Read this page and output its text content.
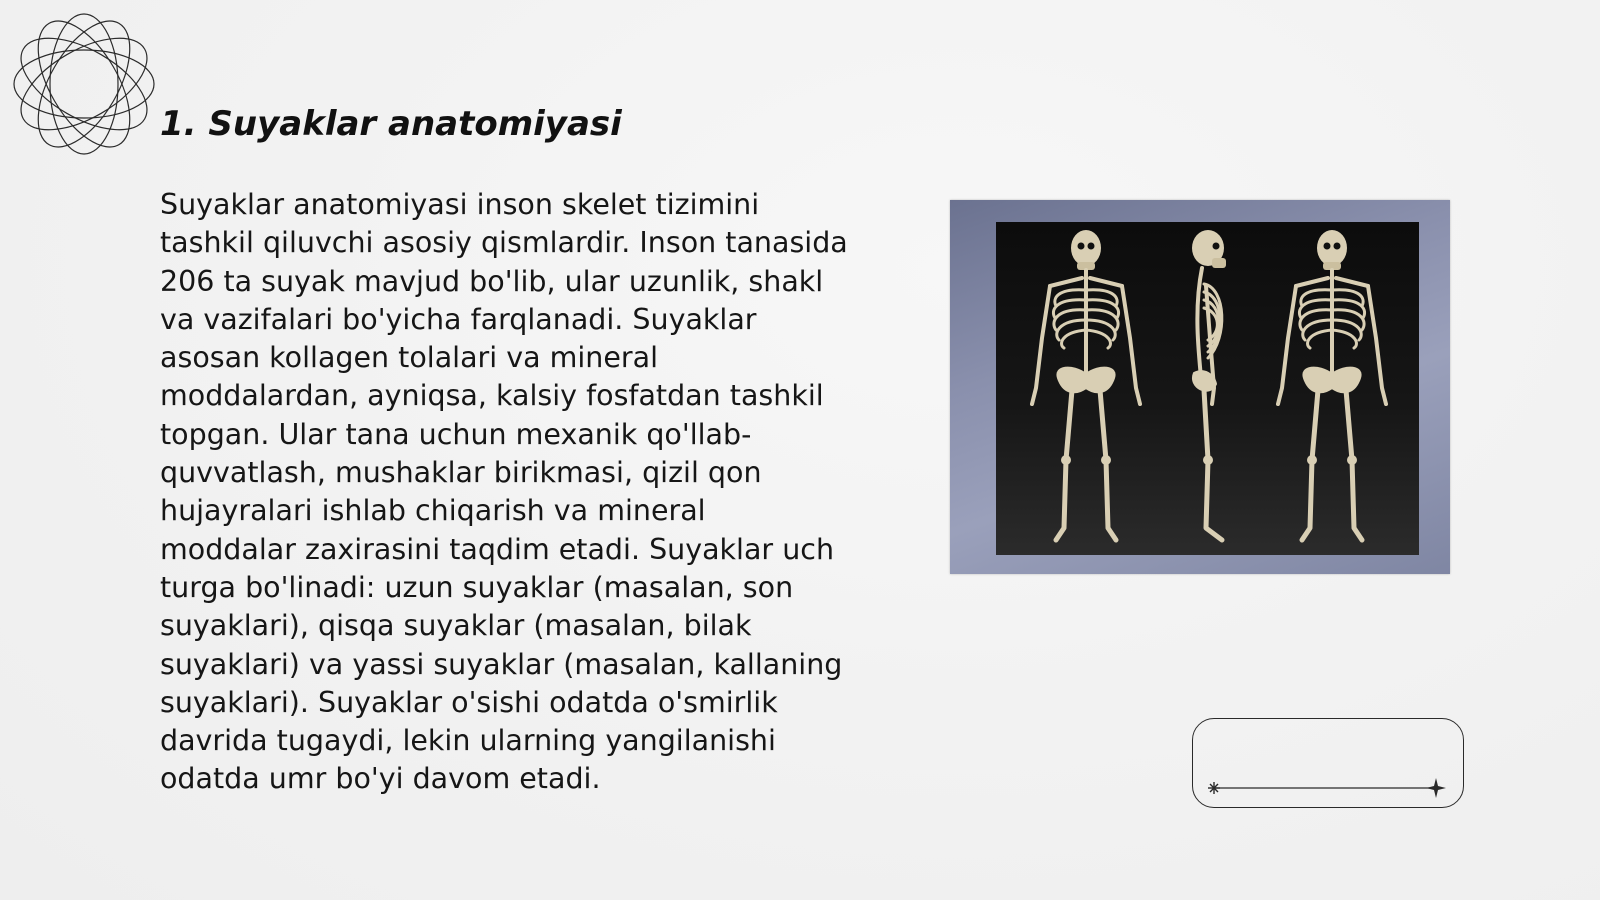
1. Suyaklar anatomiyasi

Suyaklar anatomiyasi inson skelet tizimini tashkil qiluvchi asosiy qismlardir. Inson tanasida 206 ta suyak mavjud bo'lib, ular uzunlik, shakl va vazifalari bo'yicha farqlanadi. Suyaklar asosan kollagen tolalari va mineral moddalardan, ayniqsa, kalsiy fosfatdan tashkil topgan. Ular tana uchun mexanik qo'llab-quvvatlash, mushaklar birikmasi, qizil qon hujayralari ishlab chiqarish va mineral moddalar zaxirasini taqdim etadi. Suyaklar uch turga bo'linadi: uzun suyaklar (masalan, son suyaklari), qisqa suyaklar (masalan, bilak suyaklari) va yassi suyaklar (masalan, kallaning suyaklari). Suyaklar o'sishi odatda o'smirlik davrida tugaydi, lekin ularning yangilanishi odatda umr bo'yi davom etadi.
